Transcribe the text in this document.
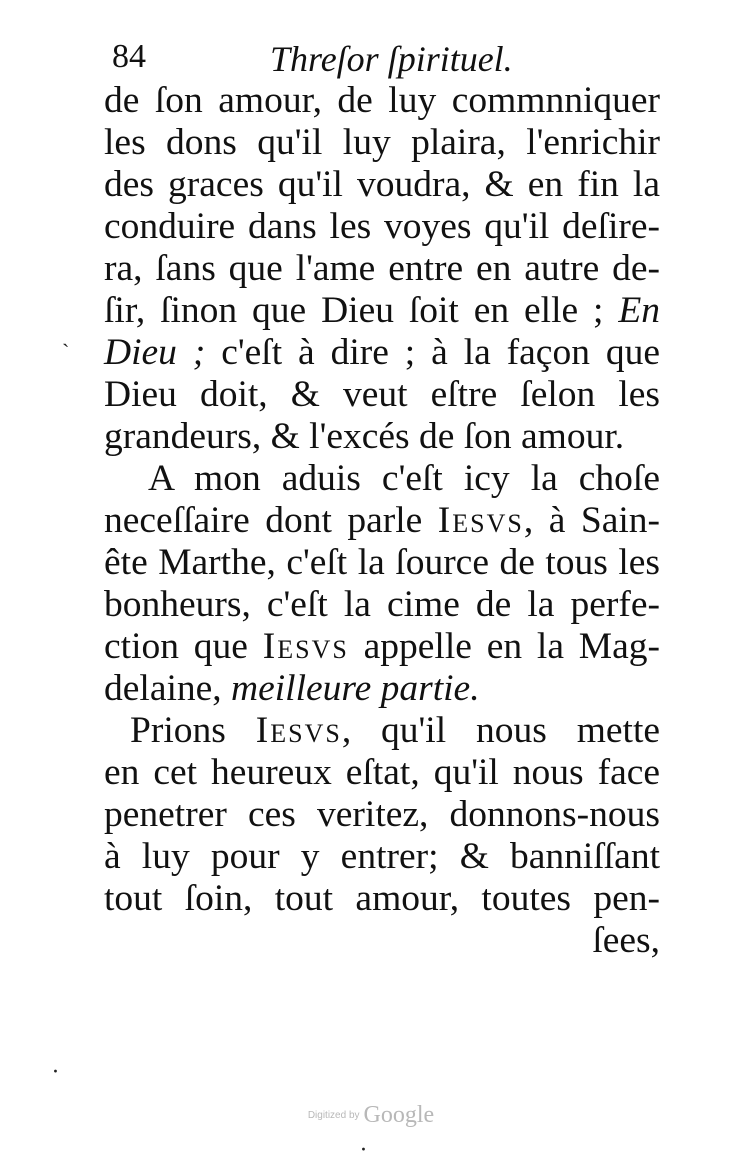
84	Threſor ſpirituel.
de ſon amour, de luy commnniquer
les dons qu'il luy plaira, l'enrichir
des graces qu'il voudra, & en fin la
conduire dans les voyes qu'il deſire-
ra, ſans que l'ame entre en autre de-
ſir, ſinon que Dieu ſoit en elle ; En
Dieu ; c'eſt à dire ; à la façon que
Dieu doit, & veut eſtre ſelon les
grandeurs, & l'excés de ſon amour.
A mon aduis c'eſt icy la choſe
neceſſaire dont parle Iesvs, à Sain-
ête Marthe, c'eſt la ſource de tous les
bonheurs, c'eſt la cime de la perfe-
ction que Iesvs appelle en la Mag-
delaine, meilleure partie.
Prions Iesvs, qu'il nous mette
en cet heureux eſtat, qu'il nous face
penetrer ces veritez, donnons-nous
à luy pour y entrer; & banniſſant
tout ſoin, tout amour, toutes pen-
ſees,
ˎ
·
·
Digitized by Google
